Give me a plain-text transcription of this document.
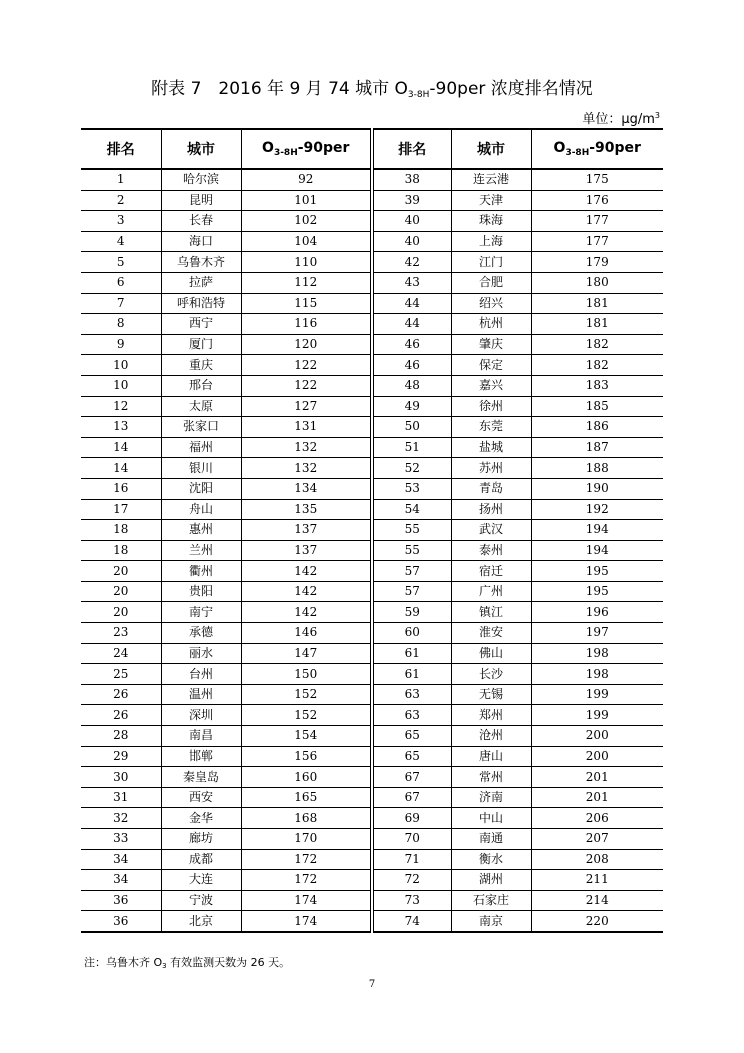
附表 7　2016 年 9 月 74 城市 $O_{3-8H}-90per$ 浓度排名情况
单位：$\mu g/m^3$
排名	城市	$O_{3-8H}-90per$	排名	城市	$O_{3-8H}-90per$
1	哈尔滨	92	38	连云港	175
2	昆明	101	39	天津	176
3	长春	102	40	珠海	177
4	海口	104	40	上海	177
5	乌鲁木齐	110	42	江门	179
6	拉萨	112	43	合肥	180
7	呼和浩特	115	44	绍兴	181
8	西宁	116	44	杭州	181
9	厦门	120	46	肇庆	182
10	重庆	122	46	保定	182
10	邢台	122	48	嘉兴	183
12	太原	127	49	徐州	185
13	张家口	131	50	东莞	186
14	福州	132	51	盐城	187
14	银川	132	52	苏州	188
16	沈阳	134	53	青岛	190
17	舟山	135	54	扬州	192
18	惠州	137	55	武汉	194
18	兰州	137	55	泰州	194
20	衢州	142	57	宿迁	195
20	贵阳	142	57	广州	195
20	南宁	142	59	镇江	196
23	承德	146	60	淮安	197
24	丽水	147	61	佛山	198
25	台州	150	61	长沙	198
26	温州	152	63	无锡	199
26	深圳	152	63	郑州	199
28	南昌	154	65	沧州	200
29	邯郸	156	65	唐山	200
30	秦皇岛	160	67	常州	201
31	西安	165	67	济南	201
32	金华	168	69	中山	206
33	廊坊	170	70	南通	207
34	成都	172	71	衡水	208
34	大连	172	72	湖州	211
36	宁波	174	73	石家庄	214
36	北京	174	74	南京	220
注：乌鲁木齐 $O_3$ 有效监测天数为 26 天。
7
